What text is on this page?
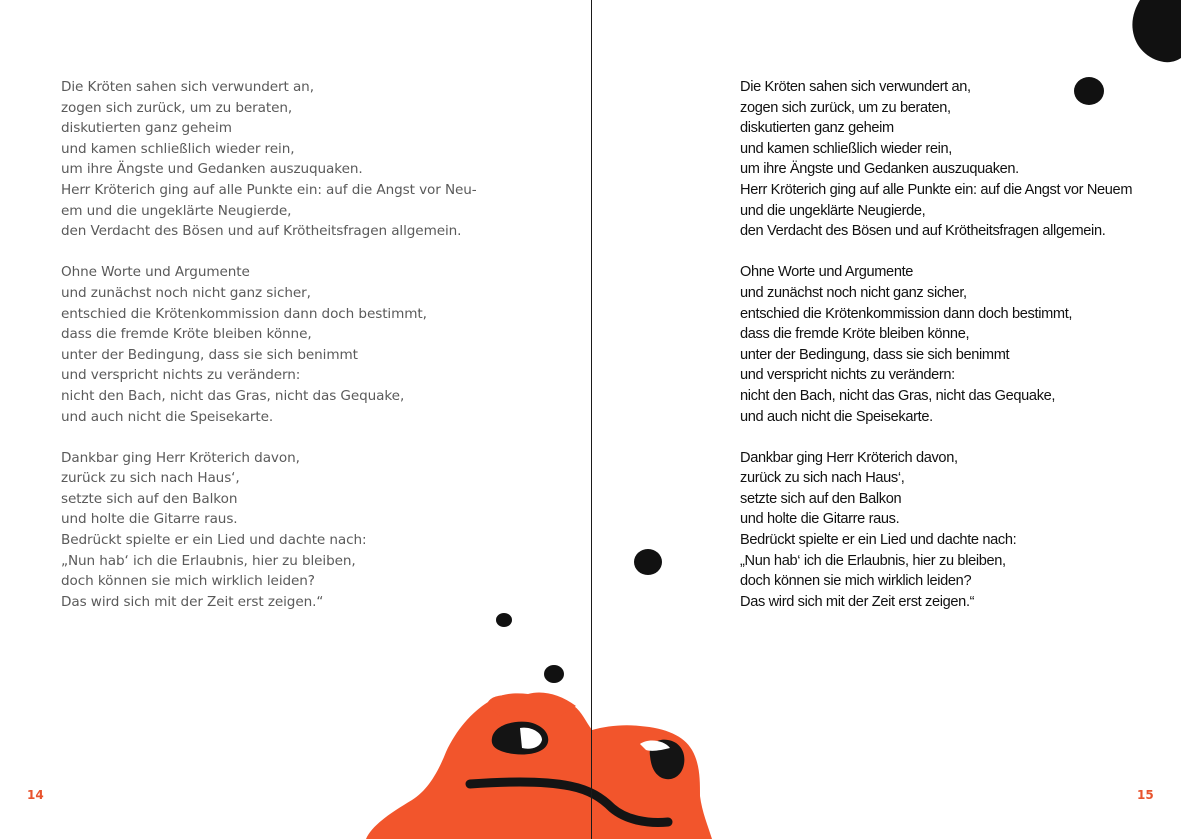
Die Kröten sahen sich verwundert an,
zogen sich zurück, um zu beraten,
diskutierten ganz geheim
und kamen schließlich wieder rein,
um ihre Ängste und Gedanken auszuquaken.
Herr Kröterich ging auf alle Punkte ein: auf die Angst vor Neu-
em und die ungeklärte Neugierde,
den Verdacht des Bösen und auf Krötheitsfragen allgemein.

Ohne Worte und Argumente
und zunächst noch nicht ganz sicher,
entschied die Krötenkommission dann doch bestimmt,
dass die fremde Kröte bleiben könne,
unter der Bedingung, dass sie sich benimmt
und verspricht nichts zu verändern:
nicht den Bach, nicht das Gras, nicht das Gequake,
und auch nicht die Speisekarte.

Dankbar ging Herr Kröterich davon,
zurück zu sich nach Haus‘,
setzte sich auf den Balkon
und holte die Gitarre raus.
Bedrückt spielte er ein Lied und dachte nach:
„Nun hab‘ ich die Erlaubnis, hier zu bleiben,
doch können sie mich wirklich leiden?
Das wird sich mit der Zeit erst zeigen.“

14

Die Kröten sahen sich verwundert an,
zogen sich zurück, um zu beraten,
diskutierten ganz geheim
und kamen schließlich wieder rein,
um ihre Ängste und Gedanken auszuquaken.
Herr Kröterich ging auf alle Punkte ein: auf die Angst vor Neuem
und die ungeklärte Neugierde,
den Verdacht des Bösen und auf Krötheitsfragen allgemein.

Ohne Worte und Argumente
und zunächst noch nicht ganz sicher,
entschied die Krötenkommission dann doch bestimmt,
dass die fremde Kröte bleiben könne,
unter der Bedingung, dass sie sich benimmt
und verspricht nichts zu verändern:
nicht den Bach, nicht das Gras, nicht das Gequake,
und auch nicht die Speisekarte.

Dankbar ging Herr Kröterich davon,
zurück zu sich nach Haus‘,
setzte sich auf den Balkon
und holte die Gitarre raus.
Bedrückt spielte er ein Lied und dachte nach:
„Nun hab‘ ich die Erlaubnis, hier zu bleiben,
doch können sie mich wirklich leiden?
Das wird sich mit der Zeit erst zeigen.“

15
